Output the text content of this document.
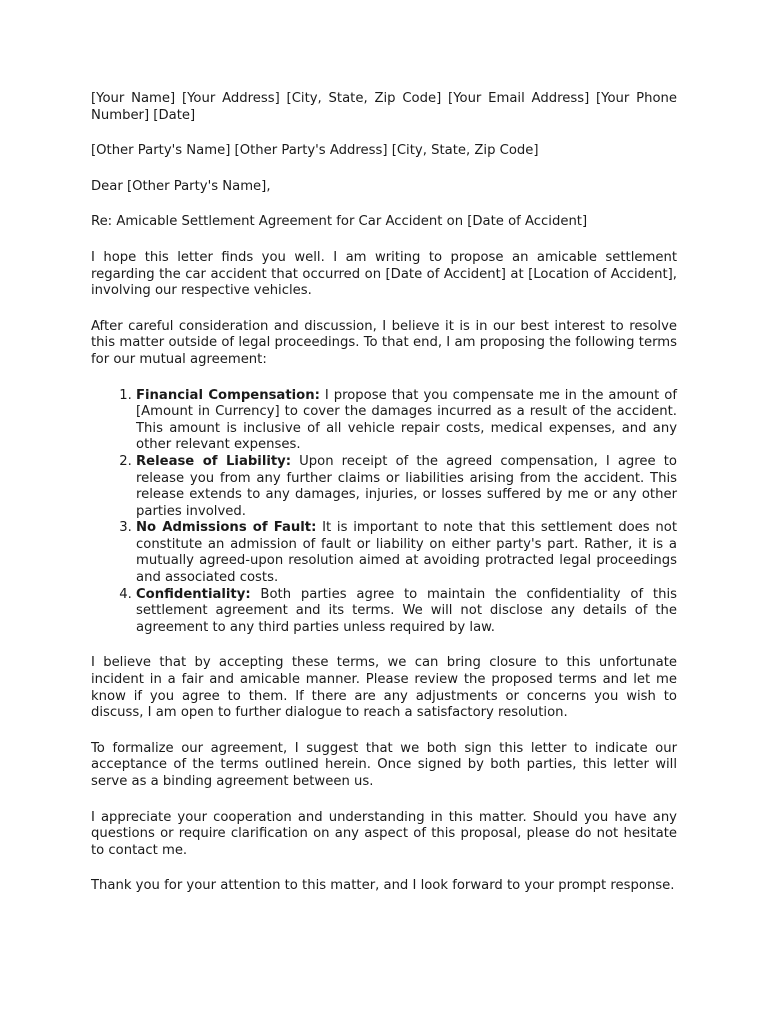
[Your Name] [Your Address] [City, State, Zip Code] [Your Email Address] [Your Phone Number] [Date]

[Other Party's Name] [Other Party's Address] [City, State, Zip Code]

Dear [Other Party's Name],

Re: Amicable Settlement Agreement for Car Accident on [Date of Accident]

I hope this letter finds you well. I am writing to propose an amicable settlement regarding the car accident that occurred on [Date of Accident] at [Location of Accident], involving our respective vehicles.

After careful consideration and discussion, I believe it is in our best interest to resolve this matter outside of legal proceedings. To that end, I am proposing the following terms for our mutual agreement:

1. Financial Compensation: I propose that you compensate me in the amount of [Amount in Currency] to cover the damages incurred as a result of the accident. This amount is inclusive of all vehicle repair costs, medical expenses, and any other relevant expenses.
2. Release of Liability: Upon receipt of the agreed compensation, I agree to release you from any further claims or liabilities arising from the accident. This release extends to any damages, injuries, or losses suffered by me or any other parties involved.
3. No Admissions of Fault: It is important to note that this settlement does not constitute an admission of fault or liability on either party's part. Rather, it is a mutually agreed-upon resolution aimed at avoiding protracted legal proceedings and associated costs.
4. Confidentiality: Both parties agree to maintain the confidentiality of this settlement agreement and its terms. We will not disclose any details of the agreement to any third parties unless required by law.

I believe that by accepting these terms, we can bring closure to this unfortunate incident in a fair and amicable manner. Please review the proposed terms and let me know if you agree to them. If there are any adjustments or concerns you wish to discuss, I am open to further dialogue to reach a satisfactory resolution.

To formalize our agreement, I suggest that we both sign this letter to indicate our acceptance of the terms outlined herein. Once signed by both parties, this letter will serve as a binding agreement between us.

I appreciate your cooperation and understanding in this matter. Should you have any questions or require clarification on any aspect of this proposal, please do not hesitate to contact me.

Thank you for your attention to this matter, and I look forward to your prompt response.
